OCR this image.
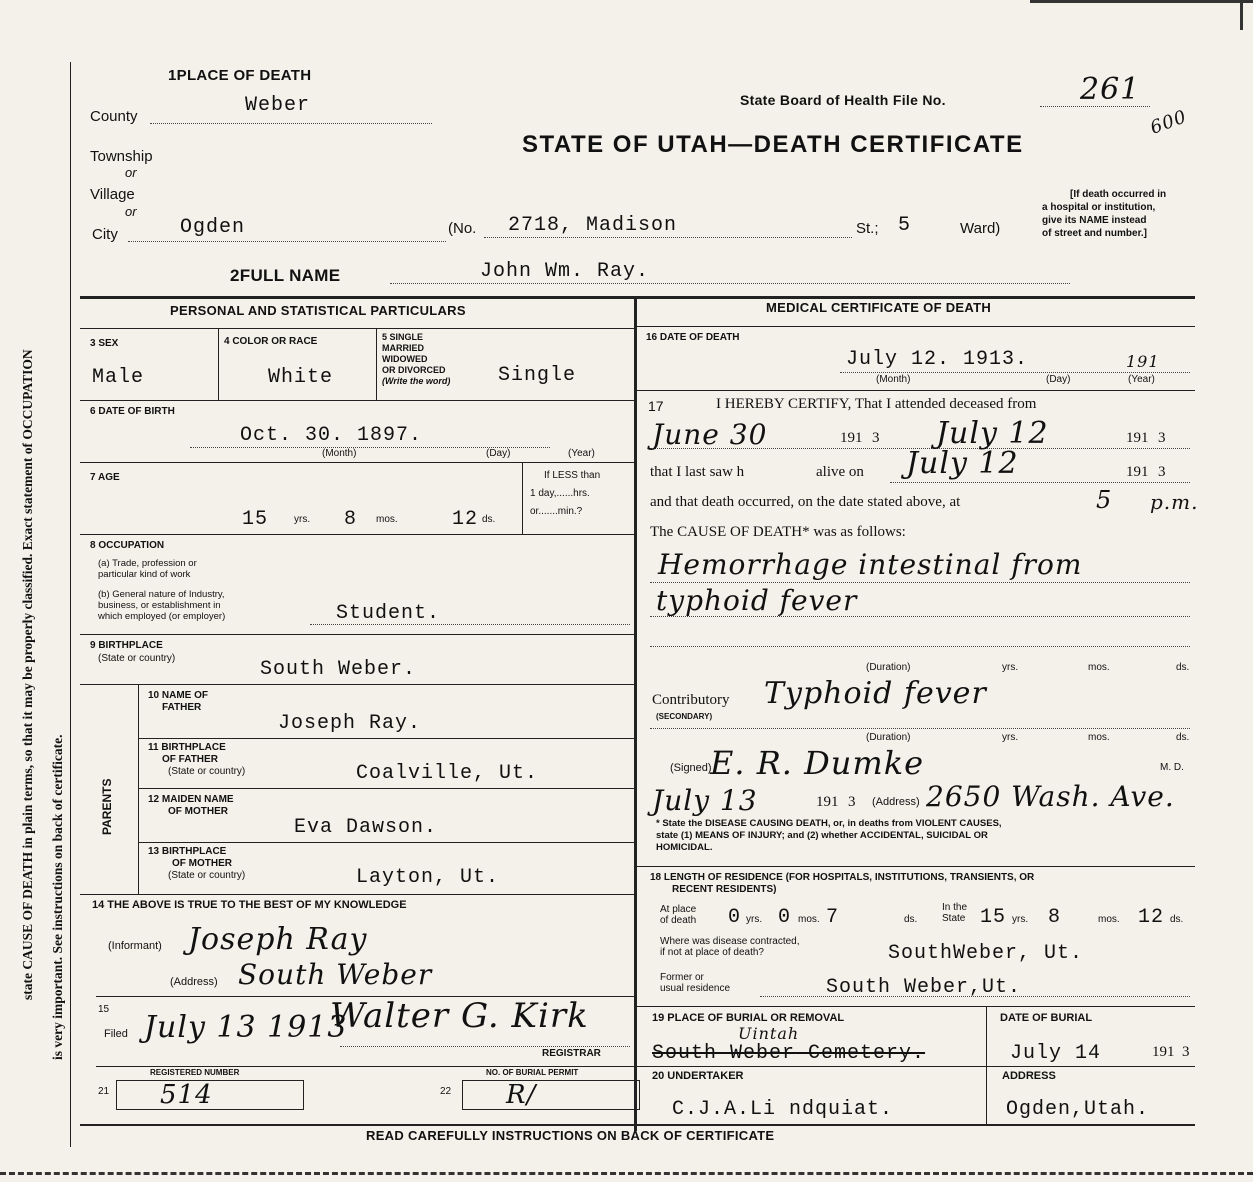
state CAUSE OF DEATH in plain terms, so that it may be properly classified. Exact statement of OCCUPATION is very important. See instructions on back of certificate.
1PLACE OF DEATH
County	Weber
Township
or
Village
or
City	Ogden	(No. 2718, Madison	St.; 5	Ward)
State Board of Health File No.	261
600
STATE OF UTAH—DEATH CERTIFICATE
[If death occurred in
a hospital or institution,
give its NAME instead
of street and number.]
2FULL NAME	John Wm. Ray.
PERSONAL AND STATISTICAL PARTICULARS
3 SEX
Male
4 COLOR OR RACE
White
5 SINGLE
MARRIED
WIDOWED
OR DIVORCED
(Write the word) Single
6 DATE OF BIRTH
Oct. 30. 1897.
(Month)	(Day)	(Year)
7 AGE
15	yrs. 8 mos.	12 ds.
If LESS than
1 day,......hrs.
or.......min.?
8 OCCUPATION
(a) Trade, profession or
particular kind of work
(b) General nature of Industry,
business, or establishment in
which employed (or employer)	Student.
9 BIRTHPLACE
(State or country)	South Weber.
PARENTS
10 NAME OF
FATHER
Joseph Ray.
11 BIRTHPLACE
OF FATHER
(State or country)	Coalville, Ut.
12 MAIDEN NAME
OF MOTHER
Eva Dawson.
13 BIRTHPLACE
OF MOTHER
(State or country)	Layton, Ut.
14 THE ABOVE IS TRUE TO THE BEST OF MY KNOWLEDGE
(Informant) Joseph Ray
(Address) South Weber
15
Filed July 13 1913
Walter G. Kirk
REGISTRAR
21
REGISTERED NUMBER
514	22
NO. OF BURIAL PERMIT
R/
MEDICAL CERTIFICATE OF DEATH
16 DATE OF DEATH
July 12. 1913.	191
(Month)	(Day)	(Year)
17	I HEREBY CERTIFY, That I attended deceased from
June 30	191 3 July 12	191 3
that I last saw h	alive on July 12	191 3
and that death occurred, on the date stated above, at	5 p.m.
The CAUSE OF DEATH* was as follows:
Hemorrhage intestinal from
typhoid fever
(Duration)	yrs.	mos.	ds.
Contributory
(SECONDARY)
Typhoid fever
(Duration)	yrs.	mos.	ds.
(Signed)
E. R. Dumke	M. D.
July 13	191 3 (Address) 2650 Wash. Ave.
* State the DISEASE CAUSING DEATH, or, in deaths from VIOLENT CAUSES,
state (1) MEANS OF INJURY; and (2) whether ACCIDENTAL, SUICIDAL OR
HOMICIDAL.
18 LENGTH OF RESIDENCE (FOR HOSPITALS, INSTITUTIONS, TRANSIENTS, OR
RECENT RESIDENTS)
At place
of death 0 yrs. 0 mos. 7	ds.
In the
State 15 yrs. 8	mos. 12 ds.
Where was disease contracted,
if not at place of death?	SouthWeber, Ut.
Former or
usual residence	South Weber,Ut.
19 PLACE OF BURIAL OR REMOVAL
Uintah
South Weber Cemetery.
DATE OF BURIAL
July 14	191 3
20 UNDERTAKER
C.J.A.Li ndquiat.
ADDRESS
Ogden,Utah.
READ CAREFULLY INSTRUCTIONS ON BACK OF CERTIFICATE
